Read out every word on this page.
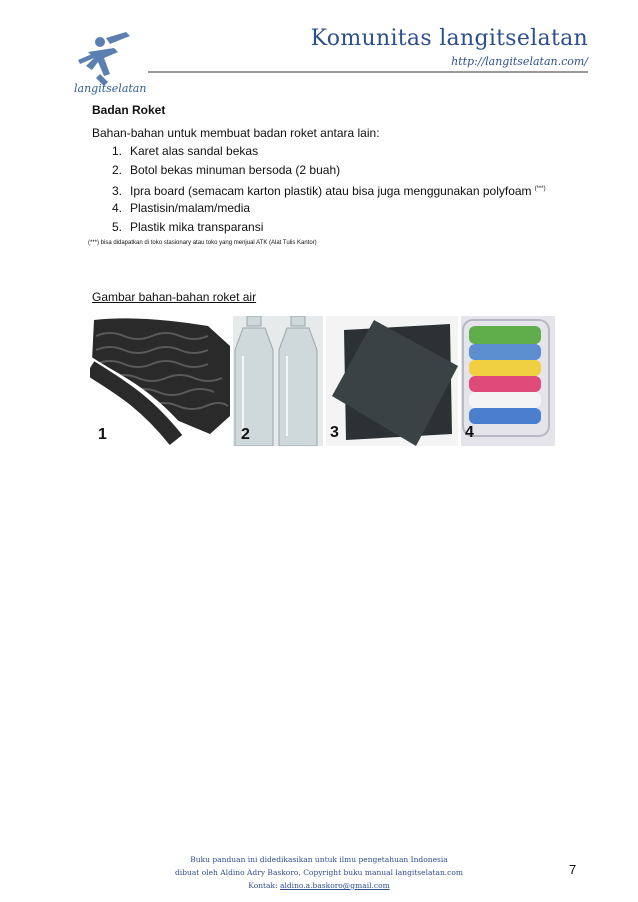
langitselatan
Komunitas langitselatan
http://langitselatan.com/
Badan Roket
Bahan-bahan untuk membuat badan roket antara lain:
1. Karet alas sandal bekas
2. Botol bekas minuman bersoda (2 buah)
3. Ipra board (semacam karton plastik) atau bisa juga menggunakan polyfoam (***)
4. Plastisin/malam/media
5. Plastik mika transparansi
(***) bisa didapatkan di toko stasionary atau toko yang menjual ATK (Alat Tulis Kantor)
Gambar bahan-bahan roket air
1	2	3	4
Buku panduan ini didedikasikan untuk ilmu pengetahuan Indonesia
dibuat oleh Aldino Adry Baskoro, Copyright buku manual langitselatan.com
Kontak: aldino.a.baskoro@gmail.com
7
